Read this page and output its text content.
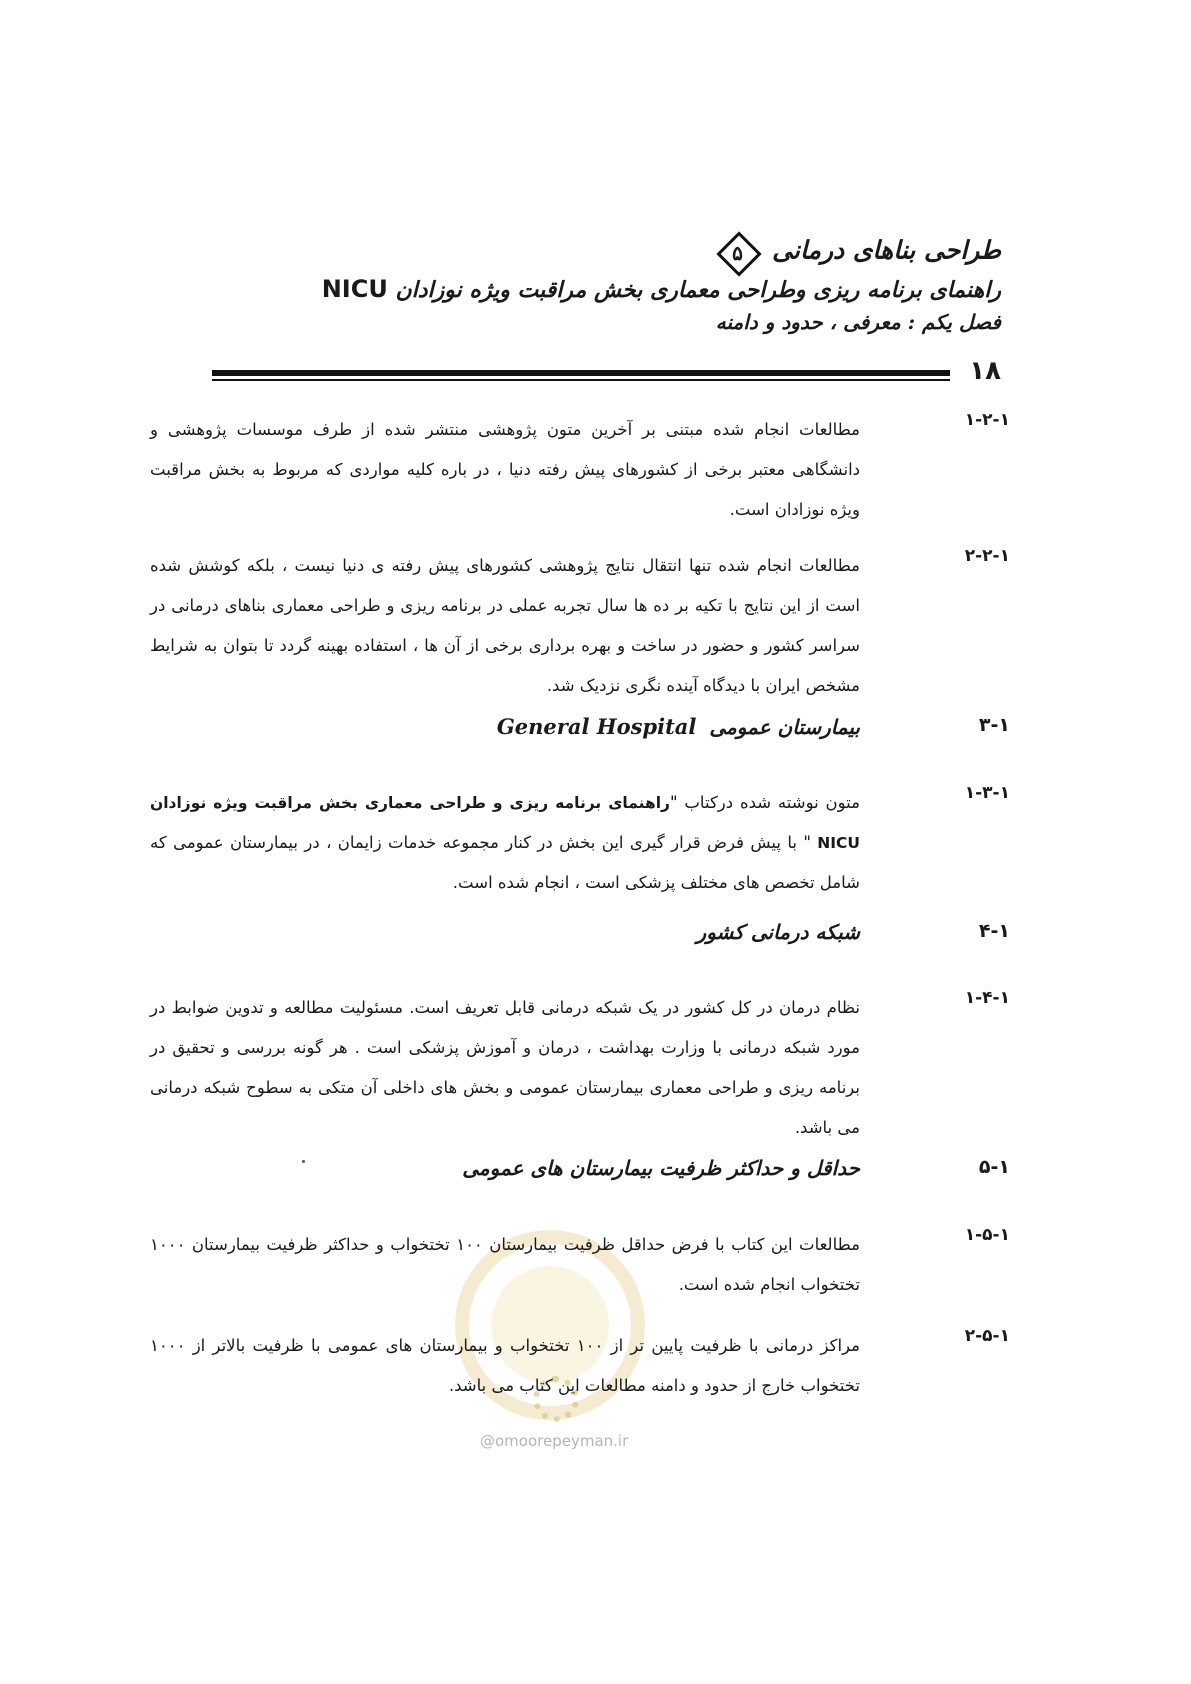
طراحی بناهای درمانی
۵
راهنمای برنامه ریزی وطراحی معماری بخش مراقبت ویژه نوزادان NICU
فصل یکم : معرفی ، حدود و دامنه
۱۸
۱-۲-۱
مطالعات انجام شده مبتنی بر آخرین متون پژوهشی منتشر شده از طرف موسسات پژوهشی و دانشگاهی معتبر برخی از کشورهای پیش رفته دنیا ، در باره کلیه مواردی که مربوط به بخش مراقبت ویژه نوزادان است.
۲-۲-۱
مطالعات انجام شده تنها انتقال نتایج پژوهشی کشورهای پیش رفته ی دنیا نیست ، بلکه کوشش شده است از این نتایج با تکیه بر ده ها سال تجربه عملی در برنامه ریزی و طراحی معماری بناهای درمانی در سراسر کشور و حضور در ساخت و بهره برداری برخی از آن ها ، استفاده بهینه گردد تا بتوان به شرایط مشخص ایران با دیدگاه آینده نگری نزدیک شد.
۳-۱
بیمارستان عمومی General Hospital
۱-۳-۱
متون نوشته شده درکتاب "راهنمای برنامه ریزی و طراحی معماری بخش مراقبت ویژه نوزادان NICU " با پیش فرض قرار گیری این بخش در کنار مجموعه خدمات زایمان ، در بیمارستان عمومی که شامل تخصص های مختلف پزشکی است ، انجام شده است.
۴-۱
شبکه درمانی کشور
۱-۴-۱
نظام درمان در کل کشور در یک شبکه درمانی قابل تعریف است. مسئولیت مطالعه و تدوین ضوابط در مورد شبکه درمانی با وزارت بهداشت ، درمان و آموزش پزشکی است . هر گونه بررسی و تحقیق در برنامه ریزی و طراحی معماری بیمارستان عمومی و بخش های داخلی آن متکی به سطوح شبکه درمانی می باشد.
۵-۱
حداقل و حداکثر ظرفیت بیمارستان های عمومی
۱-۵-۱
مطالعات این کتاب با فرض حداقل ظرفیت بیمارستان ۱۰۰ تختخواب و حداکثر ظرفیت بیمارستان ۱۰۰۰ تختخواب انجام شده است.
۲-۵-۱
مراکز درمانی با ظرفیت پایین تر از ۱۰۰ تختخواب و بیمارستان های عمومی با ظرفیت بالاتر از ۱۰۰۰ تختخواب خارج از حدود و دامنه مطالعات این کتاب می باشد.
@omoorepeyman.ir
